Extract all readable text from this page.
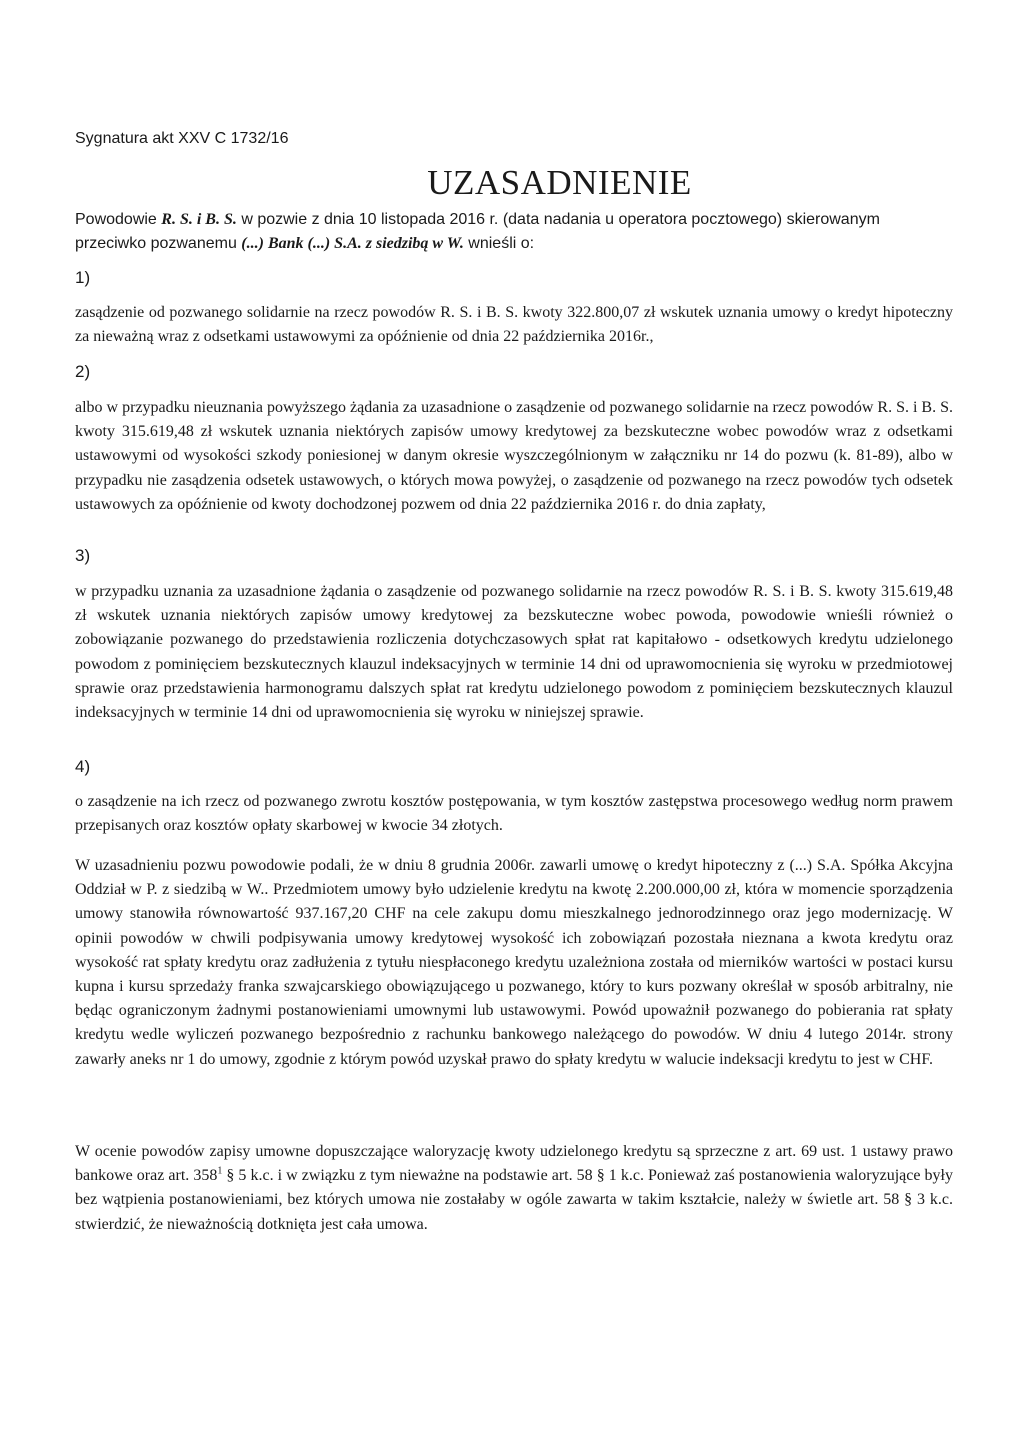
Sygnatura akt XXV C 1732/16
UZASADNIENIE
Powodowie R. S. i B. S. w pozwie z dnia 10 listopada 2016 r. (data nadania u operatora pocztowego) skierowanym przeciwko pozwanemu (...) Bank (...) S.A. z siedzibą w W. wnieśli o:
1)
zasądzenie od pozwanego solidarnie na rzecz powodów R. S. i B. S. kwoty 322.800,07 zł wskutek uznania umowy o kredyt hipoteczny za nieważną wraz z odsetkami ustawowymi za opóźnienie od dnia 22 października 2016r.,
2)
albo w przypadku nieuznania powyższego żądania za uzasadnione o zasądzenie od pozwanego solidarnie na rzecz powodów R. S. i B. S. kwoty 315.619,48 zł wskutek uznania niektórych zapisów umowy kredytowej za bezskuteczne wobec powodów wraz z odsetkami ustawowymi od wysokości szkody poniesionej w danym okresie wyszczególnionym w załączniku nr 14 do pozwu (k. 81-89), albo w przypadku nie zasądzenia odsetek ustawowych, o których mowa powyżej, o zasądzenie od pozwanego na rzecz powodów tych odsetek ustawowych za opóźnienie od kwoty dochodzonej pozwem od dnia 22 października 2016 r. do dnia zapłaty,
3)
w przypadku uznania za uzasadnione żądania o zasądzenie od pozwanego solidarnie na rzecz powodów R. S. i B. S. kwoty 315.619,48 zł wskutek uznania niektórych zapisów umowy kredytowej za bezskuteczne wobec powoda, powodowie wnieśli również o zobowiązanie pozwanego do przedstawienia rozliczenia dotychczasowych spłat rat kapitałowo - odsetkowych kredytu udzielonego powodom z pominięciem bezskutecznych klauzul indeksacyjnych w terminie 14 dni od uprawomocnienia się wyroku w przedmiotowej sprawie oraz przedstawienia harmonogramu dalszych spłat rat kredytu udzielonego powodom z pominięciem bezskutecznych klauzul indeksacyjnych w terminie 14 dni od uprawomocnienia się wyroku w niniejszej sprawie.
4)
o zasądzenie na ich rzecz od pozwanego zwrotu kosztów postępowania, w tym kosztów zastępstwa procesowego według norm prawem przepisanych oraz kosztów opłaty skarbowej w kwocie 34 złotych.
W uzasadnieniu pozwu powodowie podali, że w dniu 8 grudnia 2006r. zawarli umowę o kredyt hipoteczny z (...) S.A. Spółka Akcyjna Oddział w P. z siedzibą w W.. Przedmiotem umowy było udzielenie kredytu na kwotę 2.200.000,00 zł, która w momencie sporządzenia umowy stanowiła równowartość 937.167,20 CHF na cele zakupu domu mieszkalnego jednorodzinnego oraz jego modernizację. W opinii powodów w chwili podpisywania umowy kredytowej wysokość ich zobowiązań pozostała nieznana a kwota kredytu oraz wysokość rat spłaty kredytu oraz zadłużenia z tytułu niespłaconego kredytu uzależniona została od mierników wartości w postaci kursu kupna i kursu sprzedaży franka szwajcarskiego obowiązującego u pozwanego, który to kurs pozwany określał w sposób arbitralny, nie będąc ograniczonym żadnymi postanowieniami umownymi lub ustawowymi. Powód upoważnił pozwanego do pobierania rat spłaty kredytu wedle wyliczeń pozwanego bezpośrednio z rachunku bankowego należącego do powodów. W dniu 4 lutego 2014r. strony zawarły aneks nr 1 do umowy, zgodnie z którym powód uzyskał prawo do spłaty kredytu w walucie indeksacji kredytu to jest w CHF.
W ocenie powodów zapisy umowne dopuszczające waloryzację kwoty udzielonego kredytu są sprzeczne z art. 69 ust. 1 ustawy prawo bankowe oraz art. $358^1$ § 5 k.c. i w związku z tym nieważne na podstawie art. 58 § 1 k.c. Ponieważ zaś postanowienia waloryzujące były bez wątpienia postanowieniami, bez których umowa nie zostałaby w ogóle zawarta w takim kształcie, należy w świetle art. 58 § 3 k.c. stwierdzić, że nieważnością dotknięta jest cała umowa.
